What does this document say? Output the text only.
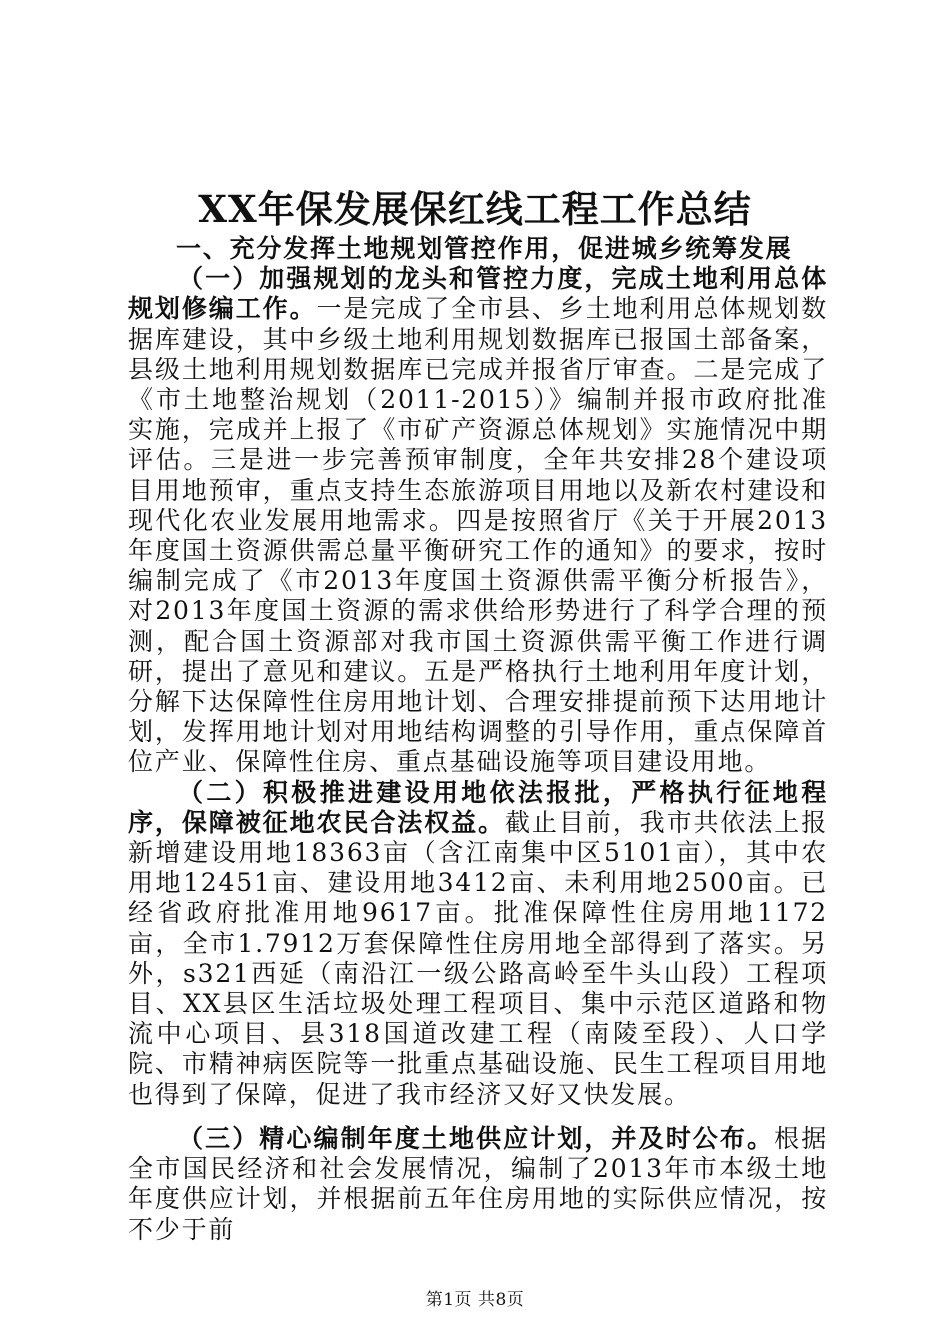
XX年保发展保红线工程工作总结

一、充分发挥土地规划管控作用，促进城乡统筹发展

（一）加强规划的龙头和管控力度，完成土地利用总体规划修编工作。一是完成了全市县、乡土地利用总体规划数据库建设，其中乡级土地利用规划数据库已报国土部备案，县级土地利用规划数据库已完成并报省厅审查。二是完成了《市土地整治规划（2011-2015）》编制并报市政府批准实施，完成并上报了《市矿产资源总体规划》实施情况中期评估。三是进一步完善预审制度，全年共安排28个建设项目用地预审，重点支持生态旅游项目用地以及新农村建设和现代化农业发展用地需求。四是按照省厅《关于开展2013年度国土资源供需总量平衡研究工作的通知》的要求，按时编制完成了《市2013年度国土资源供需平衡分析报告》，对2013年度国土资源的需求供给形势进行了科学合理的预测，配合国土资源部对我市国土资源供需平衡工作进行调研，提出了意见和建议。五是严格执行土地利用年度计划，分解下达保障性住房用地计划、合理安排提前预下达用地计划，发挥用地计划对用地结构调整的引导作用，重点保障首位产业、保障性住房、重点基础设施等项目建设用地。

（二）积极推进建设用地依法报批，严格执行征地程序，保障被征地农民合法权益。截止目前，我市共依法上报新增建设用地18363亩（含江南集中区5101亩），其中农用地12451亩、建设用地3412亩、未利用地2500亩。已经省政府批准用地9617亩。批准保障性住房用地1172亩，全市1.7912万套保障性住房用地全部得到了落实。另外，s321西延（南沿江一级公路高岭至牛头山段）工程项目、XX县区生活垃圾处理工程项目、集中示范区道路和物流中心项目、县318国道改建工程（南陵至段）、人口学院、市精神病医院等一批重点基础设施、民生工程项目用地也得到了保障，促进了我市经济又好又快发展。

（三）精心编制年度土地供应计划，并及时公布。根据全市国民经济和社会发展情况，编制了2013年市本级土地年度供应计划，并根据前五年住房用地的实际供应情况，按不少于前

第1页 共8页
